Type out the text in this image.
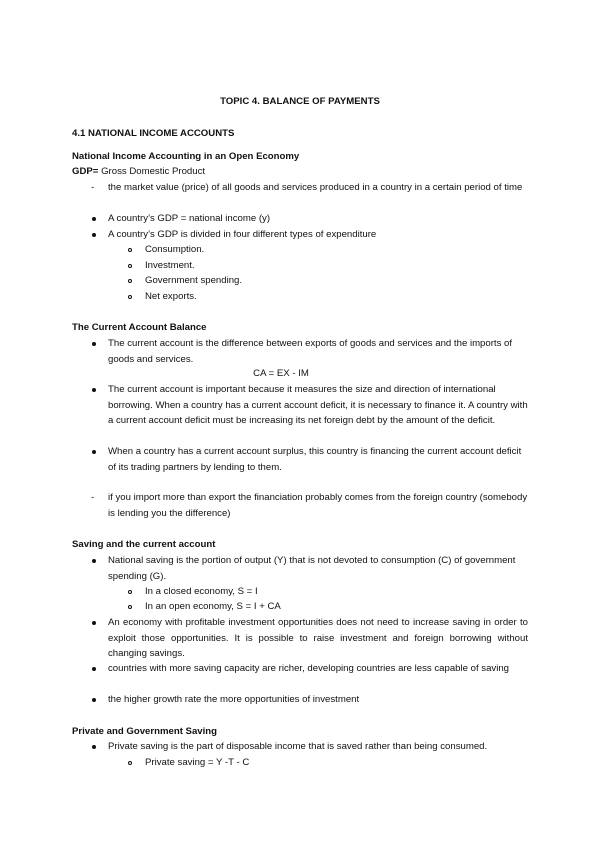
TOPIC 4. BALANCE OF PAYMENTS
4.1 NATIONAL INCOME ACCOUNTS
National Income Accounting in an Open Economy
GDP= Gross Domestic Product
- the market value (price) of all goods and services produced in a country in a certain period of time
A country’s GDP = national income (y)
A country’s GDP is divided in four different types of expenditure
Consumption.
Investment.
Government spending.
Net exports.
The Current Account Balance
The current account is the difference between exports of goods and services and the imports of goods and services.
CA = EX - IM
The current account is important because it measures the size and direction of international borrowing. When a country has a current account deficit, it is necessary to finance it. A country with a current account deficit must be increasing its net foreign debt by the amount of the deficit.
When a country has a current account surplus, this country is financing the current account deficit of its trading partners by lending to them.
- if you import more than export the financiation probably comes from the foreign country (somebody is lending you the difference)
Saving and the current account
National saving is the portion of output (Y) that is not devoted to consumption (C) of government spending (G).
In a closed economy, S = I
In an open economy, S = I + CA
An economy with profitable investment opportunities does not need to increase saving in order to exploit those opportunities. It is possible to raise investment and foreign borrowing without changing savings.
countries with more saving capacity are richer, developing countries are less capable of saving
the higher growth rate the more opportunities of investment
Private and Government Saving
Private saving is the part of disposable income that is saved rather than being consumed.
Private saving = Y -T - C
